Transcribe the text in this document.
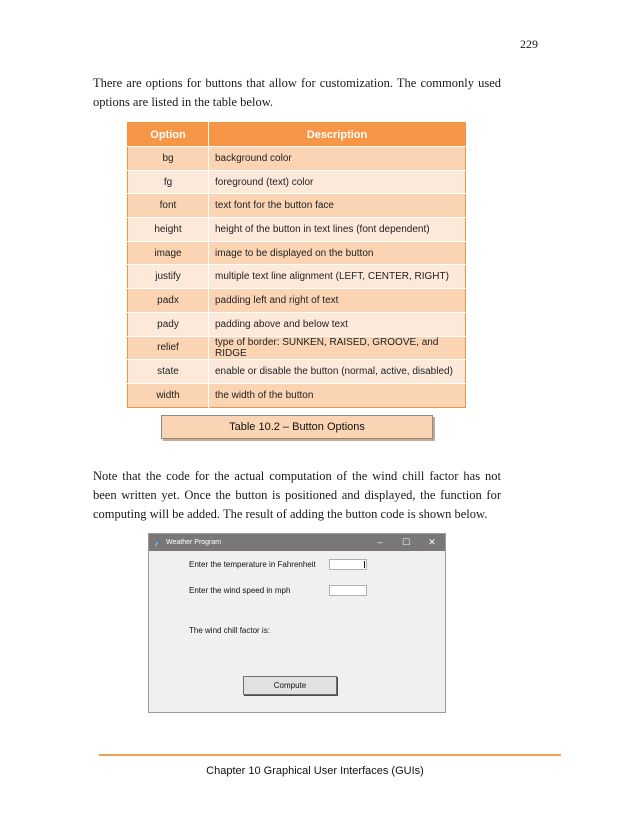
229

There are options for buttons that allow for customization. The commonly used options are listed in the table below.

Option	Description
bg	background color
fg	foreground (text) color
font	text font for the button face
height	height of the button in text lines (font dependent)
image	image to be displayed on the button
justify	multiple text line alignment (LEFT, CENTER, RIGHT)
padx	padding left and right of text
pady	padding above and below text
relief	type of border: SUNKEN, RAISED, GROOVE, and RIDGE
state	enable or disable the button (normal, active, disabled)
width	the width of the button
Table 10.2 – Button Options

Note that the code for the actual computation of the wind chill factor has not been written yet. Once the button is positioned and displayed, the function for computing will be added. The result of adding the button code is shown below.

Weather Program	–	☐	✕
Enter the temperature in Fahrenheit
Enter the wind speed in mph
The wind chill factor is:
Compute
Chapter 10 Graphical User Interfaces (GUIs)
